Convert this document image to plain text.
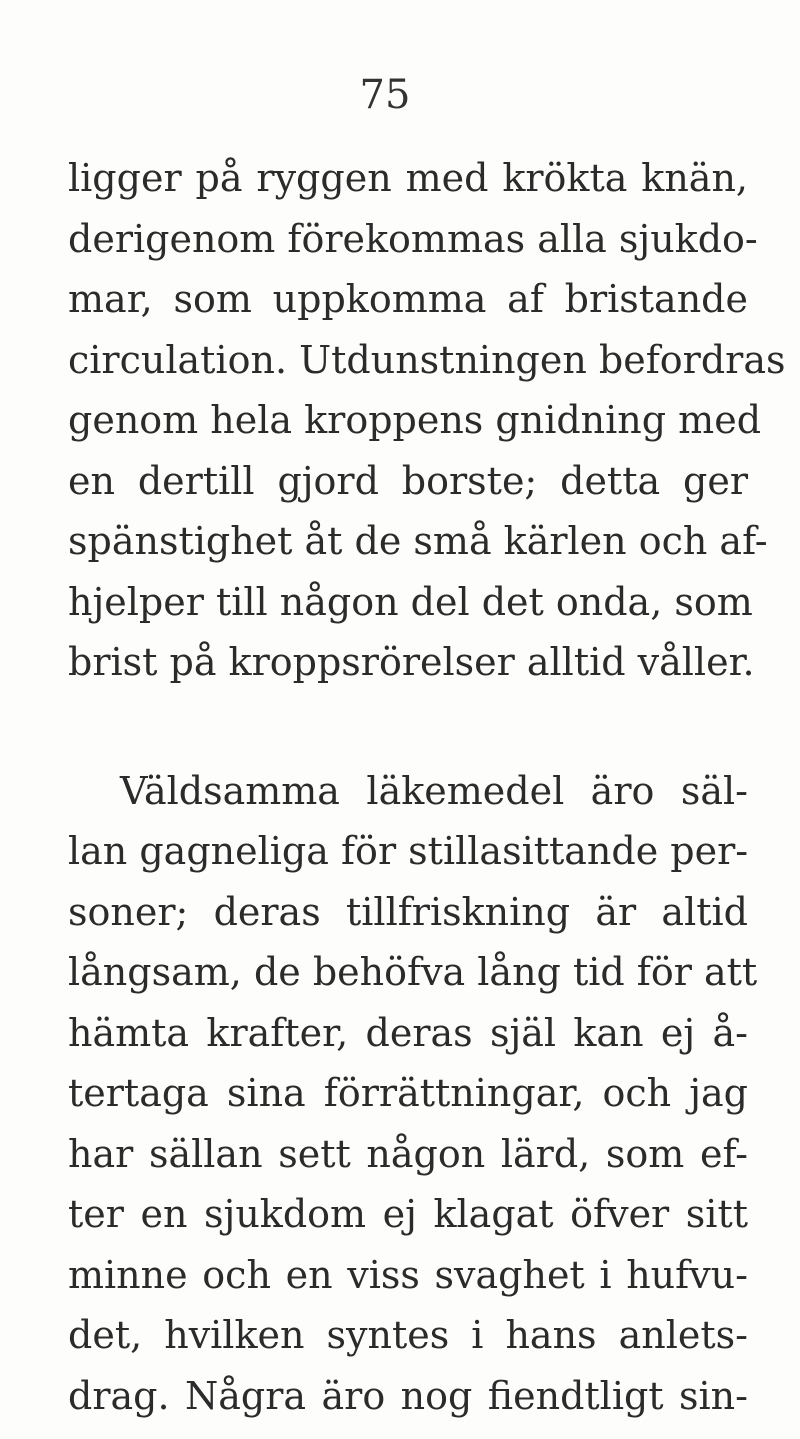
75
ligger på ryggen med krökta knän,
derigenom förekommas alla sjukdo-
mar, som uppkomma af bristande
circulation. Utdunstningen befordras
genom hela kroppens gnidning med
en dertill gjord borste; detta ger
spänstighet åt de små kärlen och af-
hjelper till någon del det onda, som
brist på kroppsrörelser alltid våller.
Väldsamma läkemedel äro säl-
lan gagneliga för stillasittande per-
soner; deras tillfriskning är altid
långsam, de behöfva lång tid för att
hämta krafter, deras själ kan ej å-
tertaga sina förrättningar, och jag
har sällan sett någon lärd, som ef-
ter en sjukdom ej klagat öfver sitt
minne och en viss svaghet i hufvu-
det, hvilken syntes i hans anlets-
drag. Några äro nog fiendtligt sin-
